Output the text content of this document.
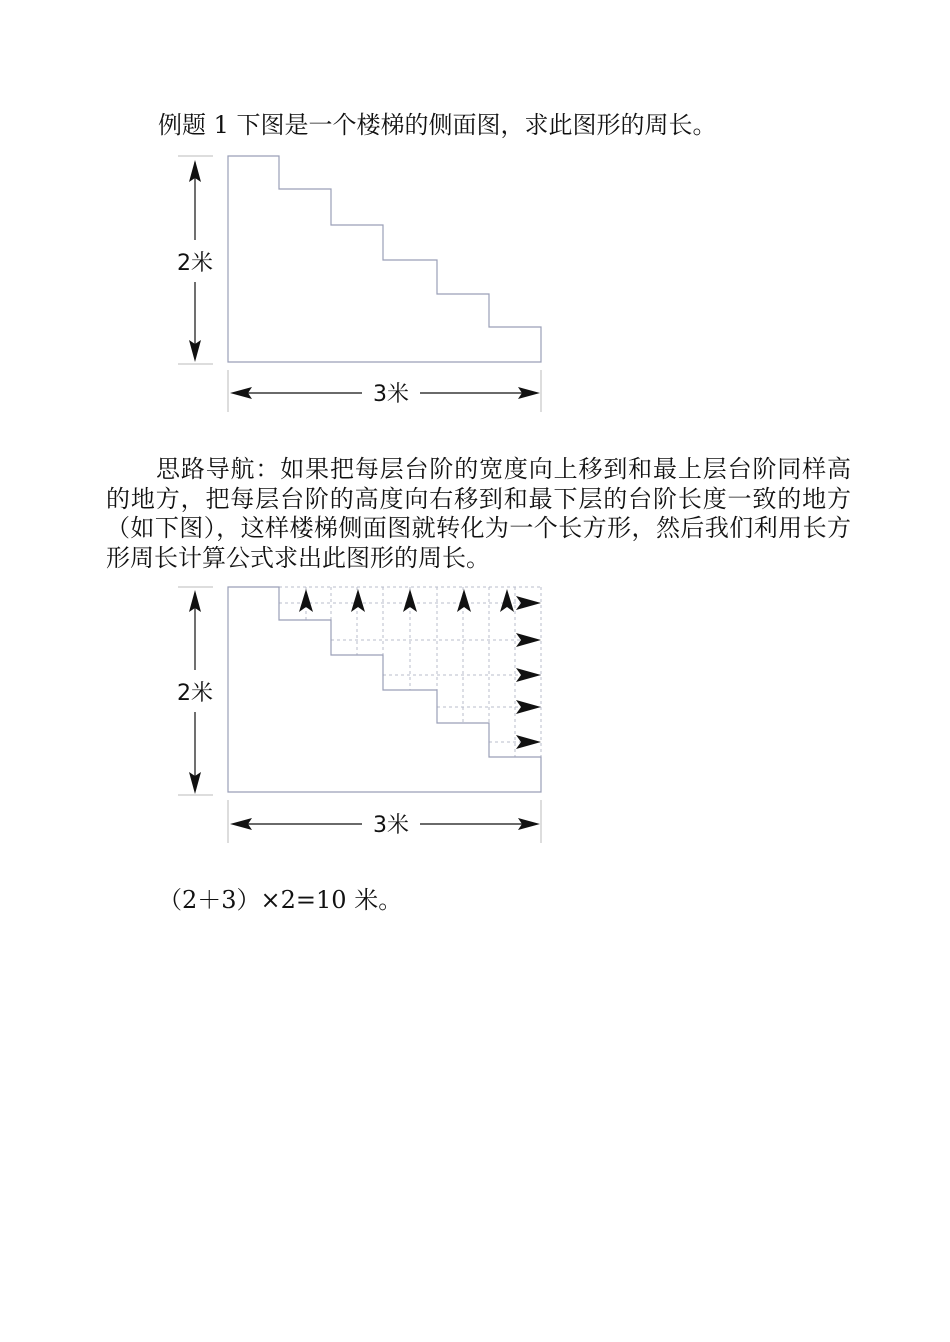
例题 1 下图是一个楼梯的侧面图，求此图形的周长。
2米
3米
思路导航：如果把每层台阶的宽度向上移到和最上层台阶同样高的地方，把每层台阶的高度向右移到和最下层的台阶长度一致的地方（如下图），这样楼梯侧面图就转化为一个长方形，然后我们利用长方形周长计算公式求出此图形的周长。
2米
3米
（2＋3）×2=10 米。
